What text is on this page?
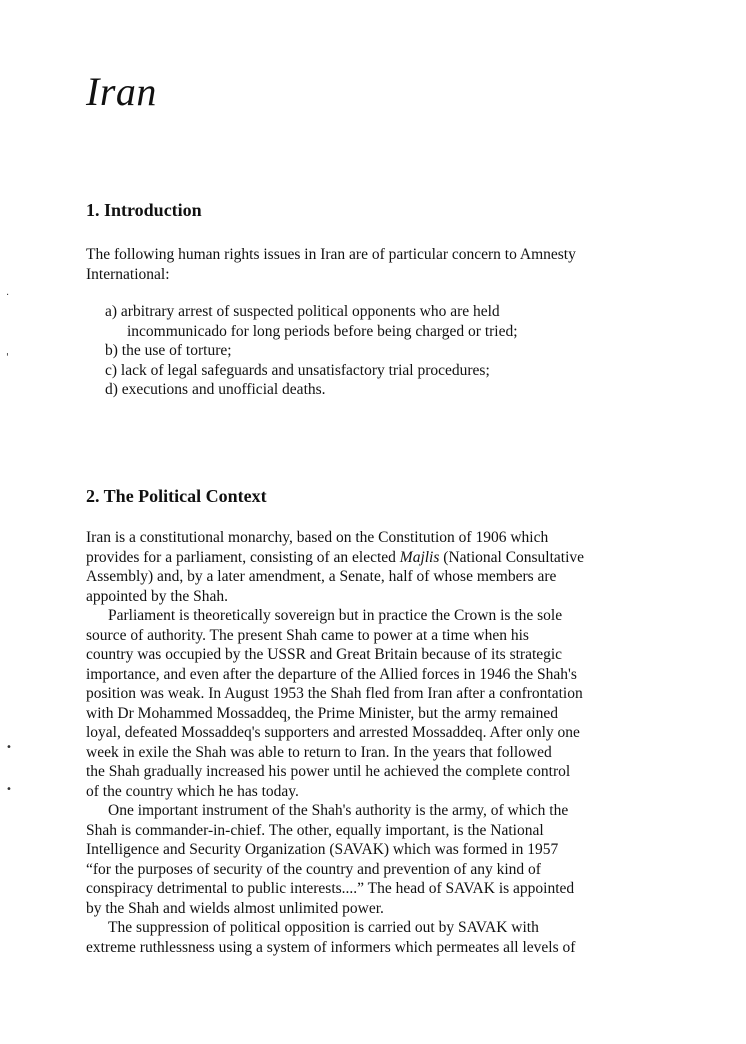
Iran
1. Introduction
The following human rights issues in Iran are of particular concern to Amnesty
International:
a) arbitrary arrest of suspected political opponents who are held
incommunicado for long periods before being charged or tried;
b) the use of torture;
c) lack of legal safeguards and unsatisfactory trial procedures;
d) executions and unofficial deaths.
2. The Political Context

Iran is a constitutional monarchy, based on the Constitution of 1906 which
provides for a parliament, consisting of an elected Majlis (National Consultative
Assembly) and, by a later amendment, a Senate, half of whose members are
appointed by the Shah.

Parliament is theoretically sovereign but in practice the Crown is the sole
source of authority. The present Shah came to power at a time when his
country was occupied by the USSR and Great Britain because of its strategic
importance, and even after the departure of the Allied forces in 1946 the Shah's
position was weak. In August 1953 the Shah fled from Iran after a confrontation
with Dr Mohammed Mossaddeq, the Prime Minister, but the army remained
loyal, defeated Mossaddeq's supporters and arrested Mossaddeq. After only one
week in exile the Shah was able to return to Iran. In the years that followed
the Shah gradually increased his power until he achieved the complete control
of the country which he has today.

One important instrument of the Shah's authority is the army, of which the
Shah is commander-in-chief. The other, equally important, is the National
Intelligence and Security Organization (SAVAK) which was formed in 1957
“for the purposes of security of the country and prevention of any kind of
conspiracy detrimental to public interests....” The head of SAVAK is appointed
by the Shah and wields almost unlimited power.

The suppression of political opposition is carried out by SAVAK with
extreme ruthlessness using a system of informers which permeates all levels of

·
'
•
•
